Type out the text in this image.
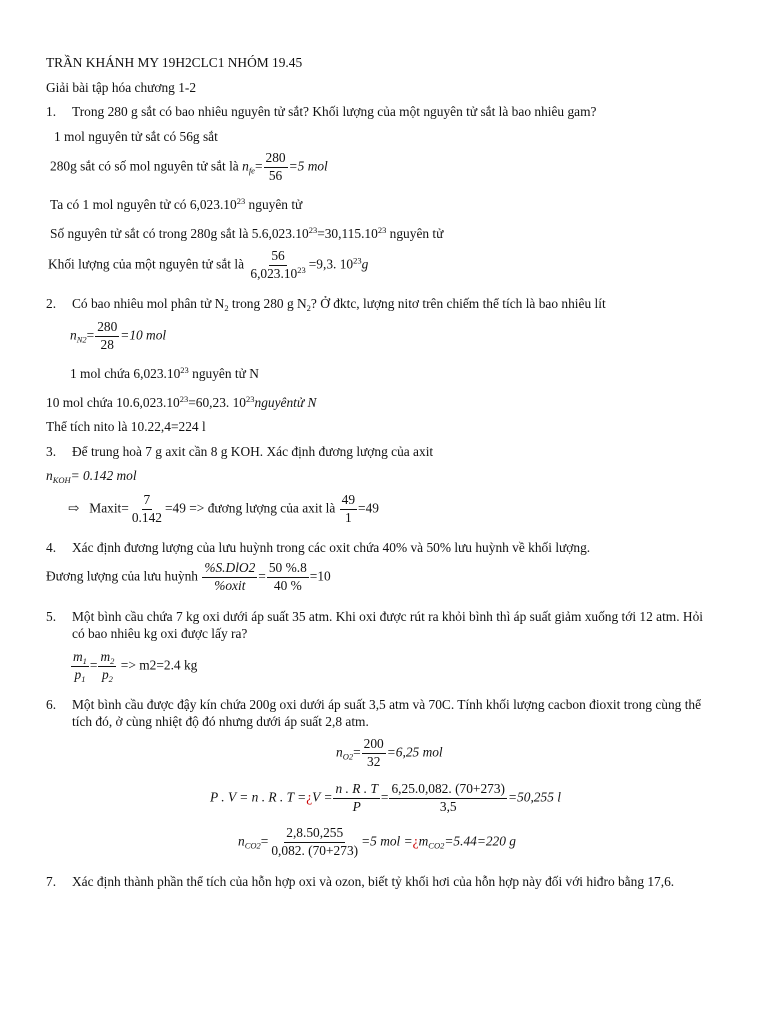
TRẦN KHÁNH MY 19H2CLC1 NHÓM 19.45
Giải bài tập hóa chương 1-2
1. Trong 280 g sắt có bao nhiêu nguyên tử sắt? Khối lượng của một nguyên tử sắt là bao nhiêu gam?
1 mol nguyên tử sắt có 56g sắt
280g sắt có số mol nguyên tử sắt là $n_{fe}= \frac{280}{56} =5$ mol
Ta có 1 mol nguyên tử có 6,023.10$^{23}$ nguyên tử
Số nguyên tử sắt có trong 280g sắt là $5.6,023.10^{23}=30,115.10^{23}$ nguyên tử
Khối lượng của một nguyên tử sắt là $\frac{56}{6,023.10^{23}} =9,3$. $10^{23}g$
2. Có bao nhiêu mol phân tử $N_2$ trong 280 g $N_2$? Ở đktc, lượng nitơ trên chiếm thể tích là bao nhiêu lít
$n_{N2}= \frac{280}{28} =10$ mol
1 mol chứa 6,023.10$^{23}$ nguyên tử N
10 mol chứa $10.6,023.10^{23}=60,23$. $10^{23}nguyêntử$ N
Thể tích nito là 10.22,4=224 l
3. Để trung hoà 7 g axit cần 8 g KOH. Xác định đương lượng của axit
$n_{KOH}= 0.142$ mol
⇨ Maxit= $\frac{7}{0.142} =49$ => đương lượng của axit là $\frac{49}{1} =49$
4. Xác định đương lượng của lưu huỳnh trong các oxit chứa 40% và 50% lưu huỳnh về khối lượng.
Đương lượng của lưu huỳnh $\frac{\text{\%S.DlO2}}{\text{\%oxit}} = \frac{50 \%.8}{40 \%} =10$
5. Một bình cầu chứa 7 kg oxi dưới áp suất 35 atm. Khi oxi được rút ra khỏi bình thì áp suất giảm xuống tới 12 atm. Hỏi
có bao nhiêu kg oxi được lấy ra?
$\frac{m_1}{p_1} = \frac{m_2}{p_2} => m2=2.4$ kg
6. Một bình cầu được đậy kín chứa 200g oxi dưới áp suất 3,5 atm và 70C. Tính khối lượng cacbon đioxit trong cùng thể
tích đó, ở cùng nhiệt độ đó nhưng dưới áp suất 2,8 atm.
$n_{O2}= \frac{200}{32} =6,25$ mol
P . V = n . R . T =¿V = $\frac{n . R . T}{P} = \frac{6,25.0,082. (70+273)}{3,5} =50,255$ l
$n_{CO2}= \frac{2,8.50,255}{0,082. (70+273)} =5$ mol $=¿m_{CO2}=5.44=220$ g
7. Xác định thành phần thể tích của hỗn hợp oxi và ozon, biết tỷ khối hơi của hỗn hợp này đối với hiđro bằng 17,6.
